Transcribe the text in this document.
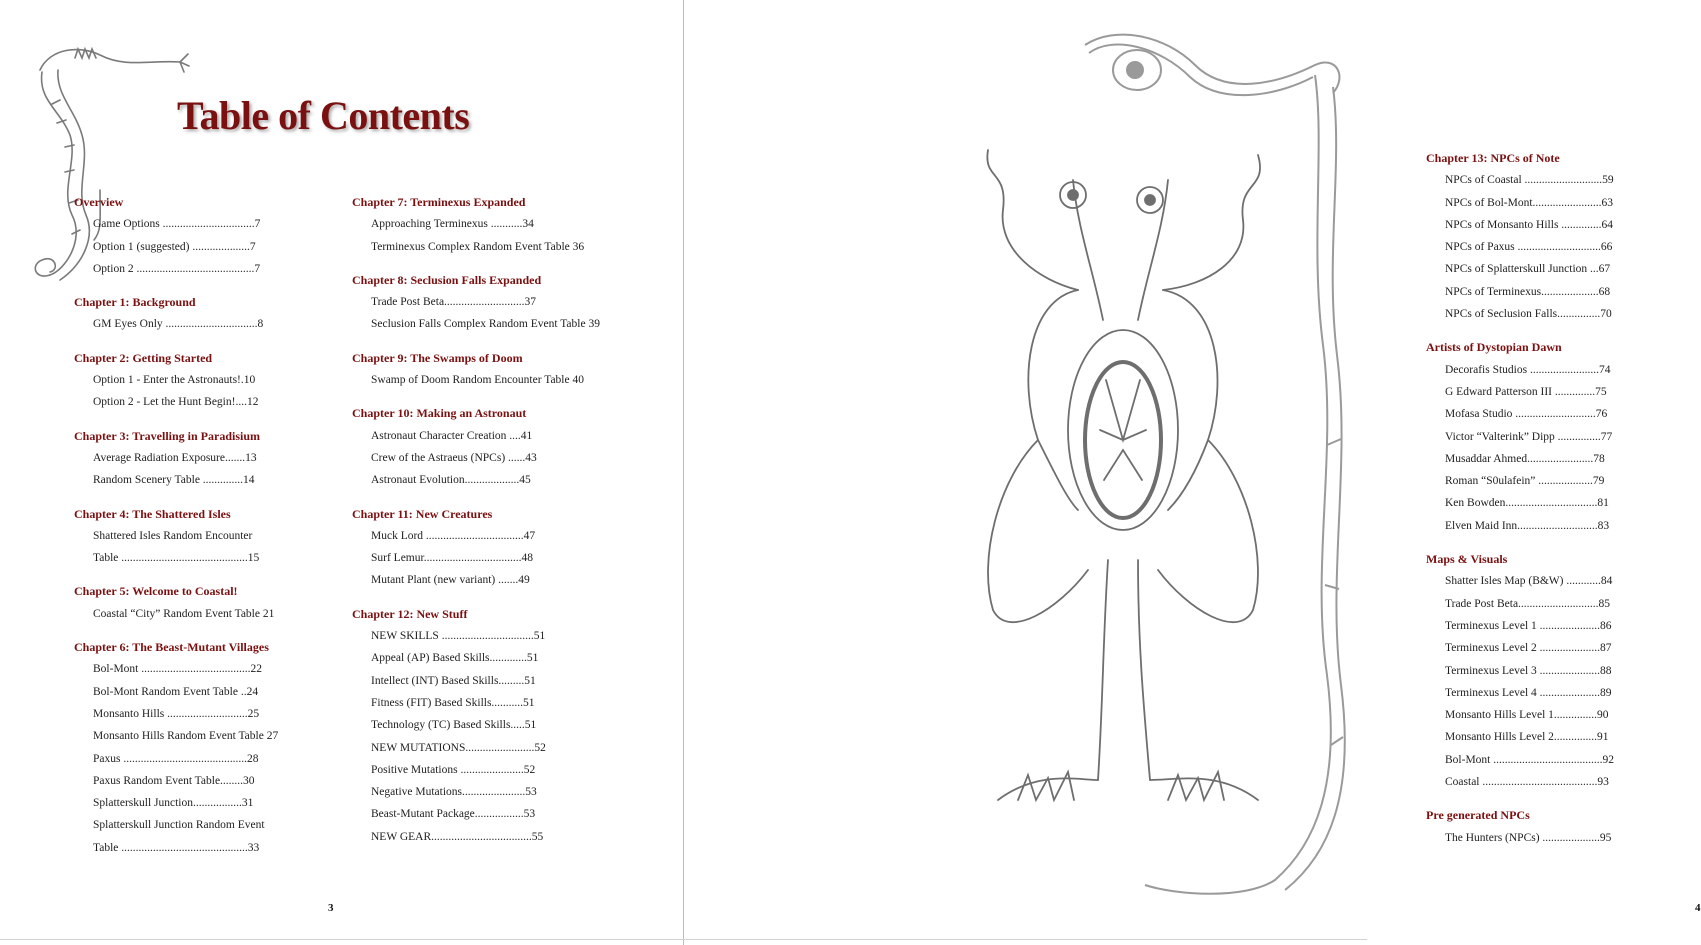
Table of Contents
Overview
Game Options ................................7
Option 1 (suggested) ....................7
Option 2 .........................................7
Chapter 1: Background
GM Eyes Only ................................8
Chapter 2: Getting Started
Option 1 - Enter the Astronauts!.10
Option 2 - Let the Hunt Begin!....12
Chapter 3: Travelling in Paradisium
Average Radiation Exposure.......13
Random Scenery Table ..............14
Chapter 4: The Shattered Isles
Shattered Isles Random Encounter
Table ............................................15
Chapter 5: Welcome to Coastal!
Coastal “City” Random Event Table 21
Chapter 6: The Beast-Mutant Villages
Bol-Mont ......................................22
Bol-Mont Random Event Table ..24
Monsanto Hills ............................25
Monsanto Hills Random Event Table 27
Paxus ...........................................28
Paxus Random Event Table........30
Splatterskull Junction.................31
Splatterskull Junction Random Event
Table ............................................33
Chapter 7: Terminexus Expanded
Approaching Terminexus ...........34
Terminexus Complex Random Event Table 36
Chapter 8: Seclusion Falls Expanded
Trade Post Beta............................37
Seclusion Falls Complex Random Event Table 39
Chapter 9: The Swamps of Doom
Swamp of Doom Random Encounter Table 40
Chapter 10: Making an Astronaut
Astronaut Character Creation ....41
Crew of the Astraeus (NPCs) ......43
Astronaut Evolution...................45
Chapter 11: New Creatures
Muck Lord ..................................47
Surf Lemur..................................48
Mutant Plant (new variant) .......49
Chapter 12: New Stuff
NEW SKILLS ................................51
Appeal (AP) Based Skills.............51
Intellect (INT) Based Skills.........51
Fitness (FIT) Based Skills...........51
Technology (TC) Based Skills.....51
NEW MUTATIONS........................52
Positive Mutations ......................52
Negative Mutations......................53
Beast-Mutant Package.................53
NEW GEAR...................................55
3
Chapter 13: NPCs of Note
NPCs of Coastal ...........................59
NPCs of Bol-Mont........................63
NPCs of Monsanto Hills ..............64
NPCs of Paxus .............................66
NPCs of Splatterskull Junction ...67
NPCs of Terminexus....................68
NPCs of Seclusion Falls...............70
Artists of Dystopian Dawn
Decorafis Studios ........................74
G Edward Patterson III ..............75
Mofasa Studio ............................76
Victor “Valterink” Dipp ...............77
Musaddar Ahmed.......................78
Roman “S0ulafein” ...................79
Ken Bowden................................81
Elven Maid Inn............................83
Maps & Visuals
Shatter Isles Map (B&W) ............84
Trade Post Beta............................85
Terminexus Level 1 .....................86
Terminexus Level 2 .....................87
Terminexus Level 3 .....................88
Terminexus Level 4 .....................89
Monsanto Hills Level 1...............90
Monsanto Hills Level 2...............91
Bol-Mont ......................................92
Coastal ........................................93
Pre generated NPCs
The Hunters (NPCs) ....................95
4
